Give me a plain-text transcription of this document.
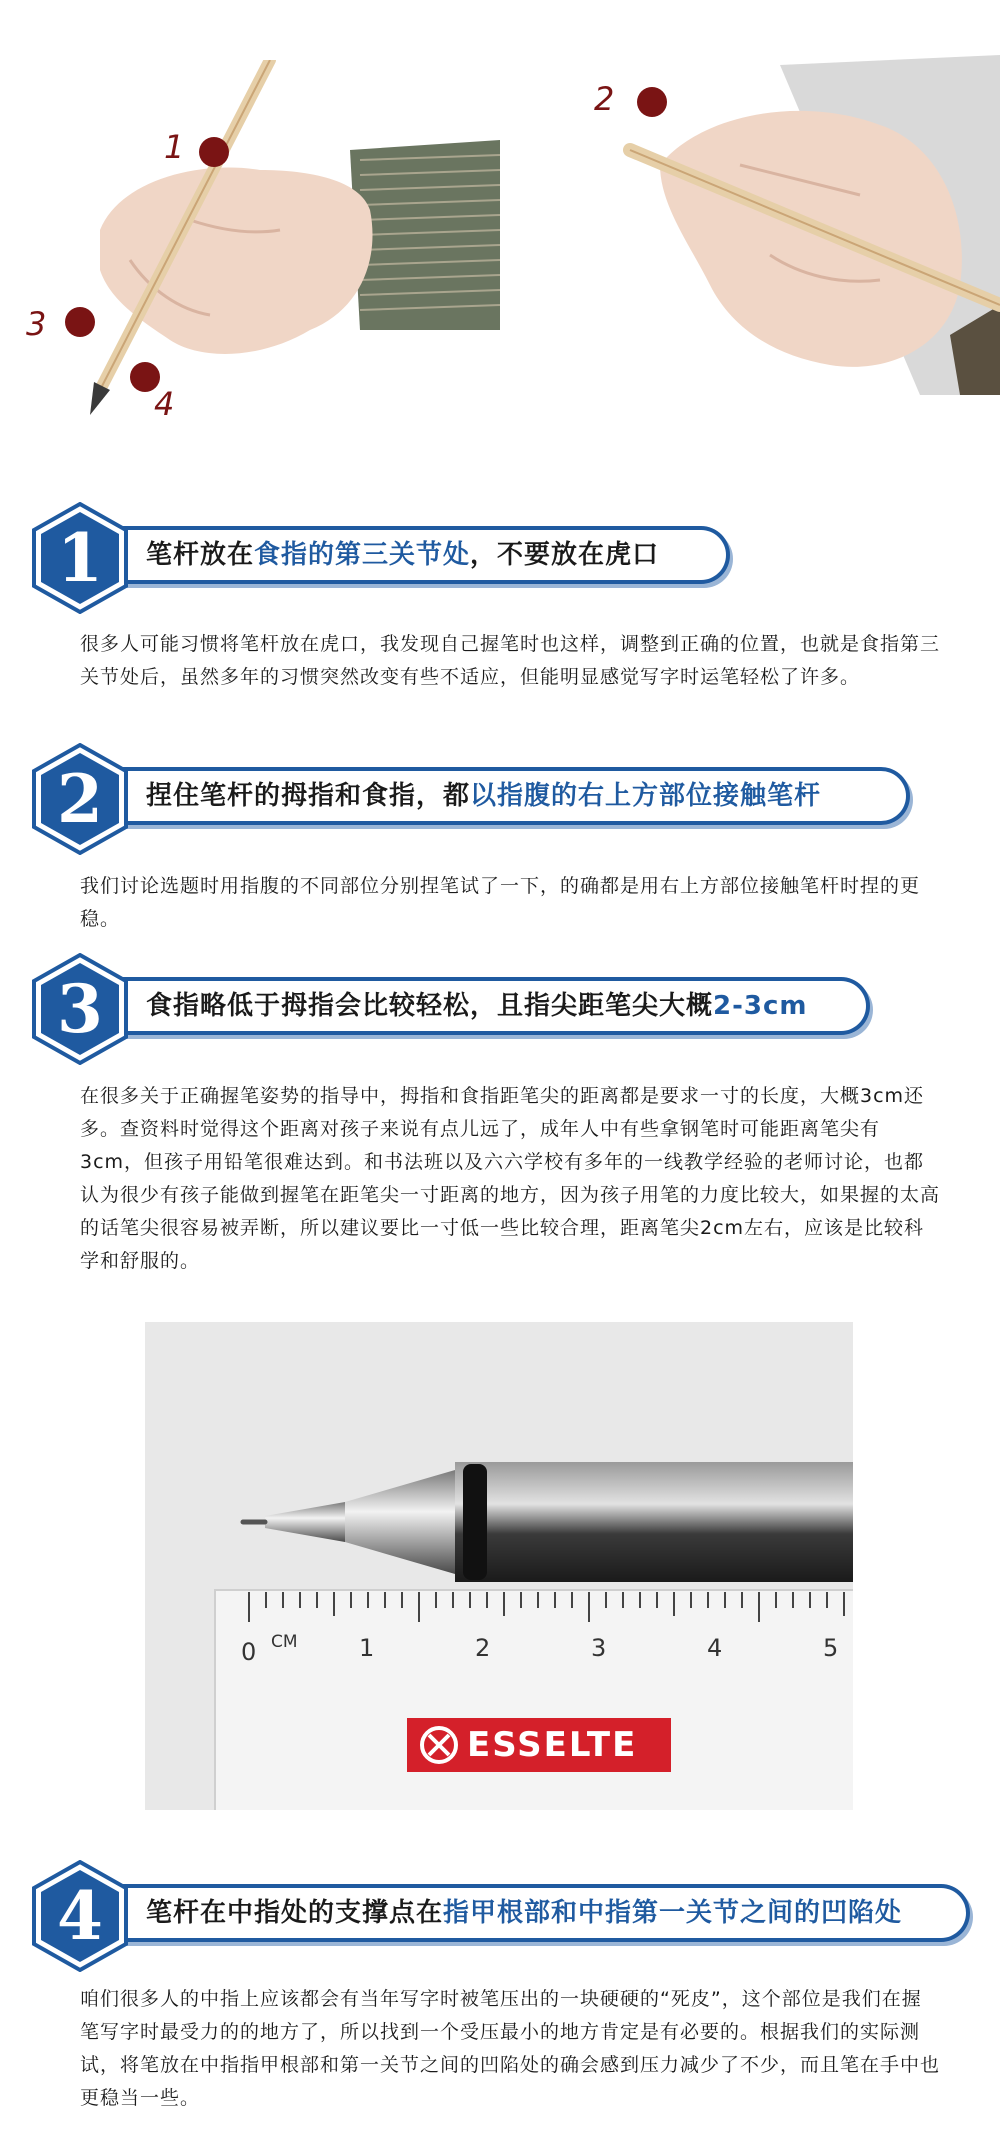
1
3
4
2
笔杆放在食指的第三关节处，不要放在虎口
1
很多人可能习惯将笔杆放在虎口，我发现自己握笔时也这样，调整到正确的位置，也就是食指第三关节处后，虽然多年的习惯突然改变有些不适应，但能明显感觉写字时运笔轻松了许多。
捏住笔杆的拇指和食指，都以指腹的右上方部位接触笔杆
2
我们讨论选题时用指腹的不同部位分别捏笔试了一下，的确都是用右上方部位接触笔杆时捏的更稳。
食指略低于拇指会比较轻松，且指尖距笔尖大概2-3cm
3
在很多关于正确握笔姿势的指导中，拇指和食指距笔尖的距离都是要求一寸的长度，大概3cm还多。查资料时觉得这个距离对孩子来说有点儿远了，成年人中有些拿钢笔时可能距离笔尖有3cm，但孩子用铅笔很难达到。和书法班以及六六学校有多年的一线教学经验的老师讨论，也都认为很少有孩子能做到握笔在距笔尖一寸距离的地方，因为孩子用笔的力度比较大，如果握的太高的话笔尖很容易被弄断，所以建议要比一寸低一些比较合理，距离笔尖2cm左右，应该是比较科学和舒服的。
0 CM	1	2	3	4	5
ESSELTE
笔杆在中指处的支撑点在指甲根部和中指第一关节之间的凹陷处
4
咱们很多人的中指上应该都会有当年写字时被笔压出的一块硬硬的“死皮”，这个部位是我们在握笔写字时最受力的的地方了，所以找到一个受压最小的地方肯定是有必要的。根据我们的实际测试，将笔放在中指指甲根部和第一关节之间的凹陷处的确会感到压力减少了不少，而且笔在手中也更稳当一些。
